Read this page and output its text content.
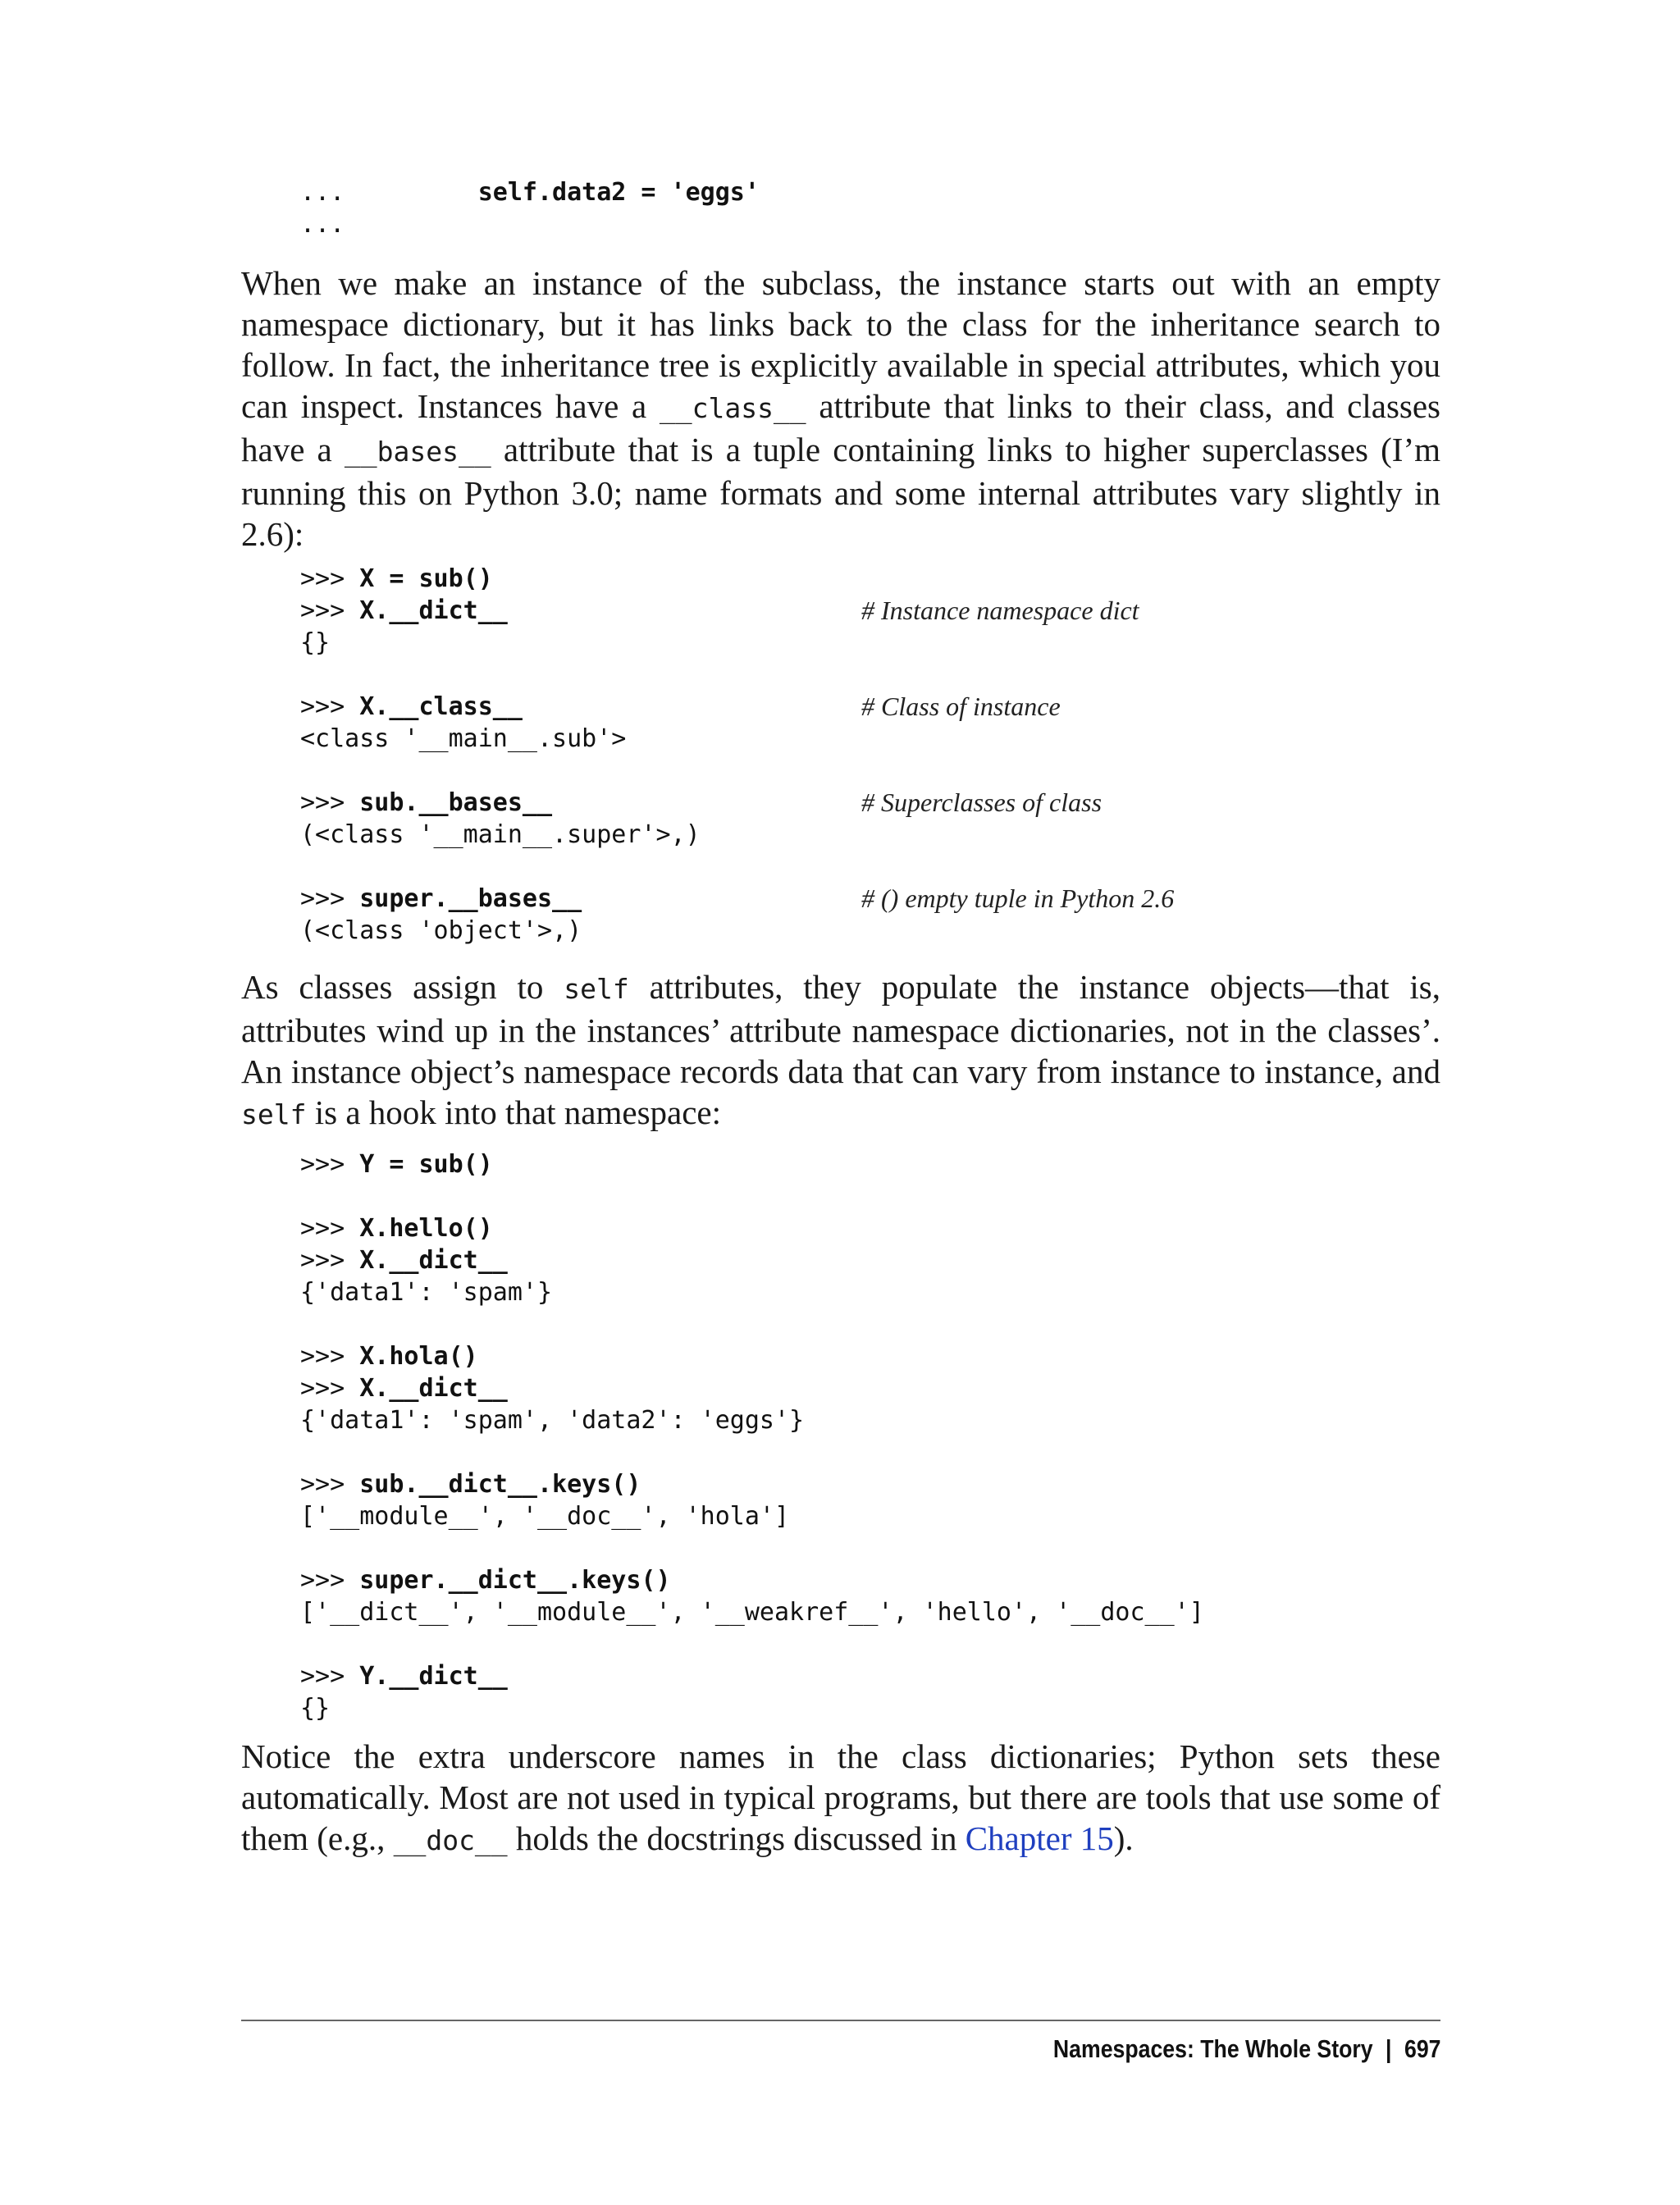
...	self.data2 = 'eggs'
...

When we make an instance of the subclass, the instance starts out with an empty namespace dictionary, but it has links back to the class for the inheritance search to follow. In fact, the inheritance tree is explicitly available in special attributes, which you can inspect. Instances have a __class__ attribute that links to their class, and classes have a __bases__ attribute that is a tuple containing links to higher superclasses (I’m running this on Python 3.0; name formats and some internal attributes vary slightly in 2.6):

>>> X = sub()
>>> X.__dict__	# Instance namespace dict
{}
>>> X.__class__	# Class of instance
<class '__main__.sub'>
>>> sub.__bases__	# Superclasses of class
(<class '__main__.super'>,)
>>> super.__bases__	# () empty tuple in Python 2.6
(<class 'object'>,)

As classes assign to self attributes, they populate the instance objects—that is, attributes wind up in the instances’ attribute namespace dictionaries, not in the classes’. An instance object’s namespace records data that can vary from instance to instance, and self is a hook into that namespace:

>>> Y = sub()
>>> X.hello()
>>> X.__dict__
{'data1': 'spam'}
>>> X.hola()
>>> X.__dict__
{'data1': 'spam', 'data2': 'eggs'}
>>> sub.__dict__.keys()
['__module__', '__doc__', 'hola']
>>> super.__dict__.keys()
['__dict__', '__module__', '__weakref__', 'hello', '__doc__']
>>> Y.__dict__
{}

Notice the extra underscore names in the class dictionaries; Python sets these automatically. Most are not used in typical programs, but there are tools that use some of them (e.g., __doc__ holds the docstrings discussed in Chapter 15).

Namespaces: The Whole Story | 697
